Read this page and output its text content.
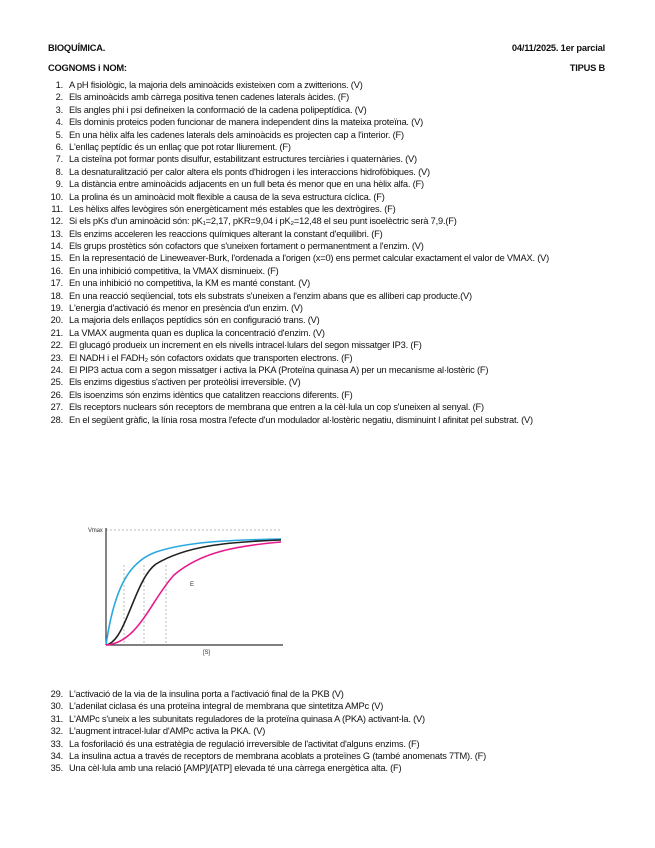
BIOQUÍMICA.	04/11/2025. 1er parcial
COGNOMS i NOM:	TIPUS B
1. A pH fisiològic, la majoria dels aminoàcids existeixen com a zwitterions. (V)
2. Els aminoàcids amb càrrega positiva tenen cadenes laterals àcides. (F)
3. Els angles phi i psi defineixen la conformació de la cadena polipeptídica. (V)
4. Els dominis proteics poden funcionar de manera independent dins la mateixa proteïna. (V)
5. En una hèlix alfa les cadenes laterals dels aminoàcids es projecten cap a l'interior. (F)
6. L'enllaç peptídic és un enllaç que pot rotar lliurement. (F)
7. La cisteïna pot formar ponts disulfur, estabilitzant estructures terciàries i quaternàries. (V)
8. La desnaturalització per calor altera els ponts d'hidrogen i les interaccions hidrofòbiques. (V)
9. La distància entre aminoàcids adjacents en un full beta és menor que en una hèlix alfa. (F)
10. La prolina és un aminoàcid molt flexible a causa de la seva estructura cíclica. (F)
11. Les hèlixs alfes levògires són energèticament més estables que les dextrògires. (F)
12. Si els pKs d'un aminoàcid són: pK₁=2,17, pKR=9,04 i pK₂=12,48 el seu punt isoelèctric serà 7,9.(F)
13. Els enzims acceleren les reaccions químiques alterant la constant d'equilibri. (F)
14. Els grups prostètics són cofactors que s'uneixen fortament o permanentment a l'enzim. (V)
15. En la representació de Lineweaver-Burk, l'ordenada a l'origen (x=0) ens permet calcular exactament el valor de VMAX. (V)
16. En una inhibició competitiva, la VMAX disminueix. (F)
17. En una inhibició no competitiva, la KM es manté constant. (V)
18. En una reacció seqüencial, tots els substrats s'uneixen a l'enzim abans que es alliberi cap producte.(V)
19. L'energia d'activació és menor en presència d'un enzim. (V)
20. La majoria dels enllaços peptídics són en configuració trans. (V)
21. La VMAX augmenta quan es duplica la concentració d'enzim. (V)
22. El glucagó produeix un increment en els nivells intracel·lulars del segon missatger IP3. (F)
23. El NADH i el FADH₂ són cofactors oxidats que transporten electrons. (F)
24. El PIP3 actua com a segon missatger i activa la PKA (Proteïna quinasa A) per un mecanisme al·lostèric (F)
25. Els enzims digestius s'activen per proteòlisi irreversible. (V)
26. Els isoenzims són enzims idèntics que catalitzen reaccions diferents. (F)
27. Els receptors nuclears són receptors de membrana que entren a la cèl·lula un cop s'uneixen al senyal. (F)
28. En el següent gràfic, la línia rosa mostra l'efecte d'un modulador al·lostèric negatiu, disminuint l afinitat pel substrat. (V)
E
Vmax
[S]
29. L'activació de la via de la insulina porta a l'activació final de la PKB (V)
30. L'adenilat ciclasa és una proteïna integral de membrana que sintetitza AMPc (V)
31. L'AMPc s'uneix a les subunitats reguladores de la proteïna quinasa A (PKA) activant-la. (V)
32. L'augment intracel·lular d'AMPc activa la PKA. (V)
33. La fosforilació és una estratègia de regulació irreversible de l'activitat d'alguns enzims. (F)
34. La insulina actua a través de receptors de membrana acoblats a proteïnes G (també anomenats 7TM). (F)
35. Una cèl·lula amb una relació [AMP]/[ATP] elevada té una càrrega energètica alta. (F)
